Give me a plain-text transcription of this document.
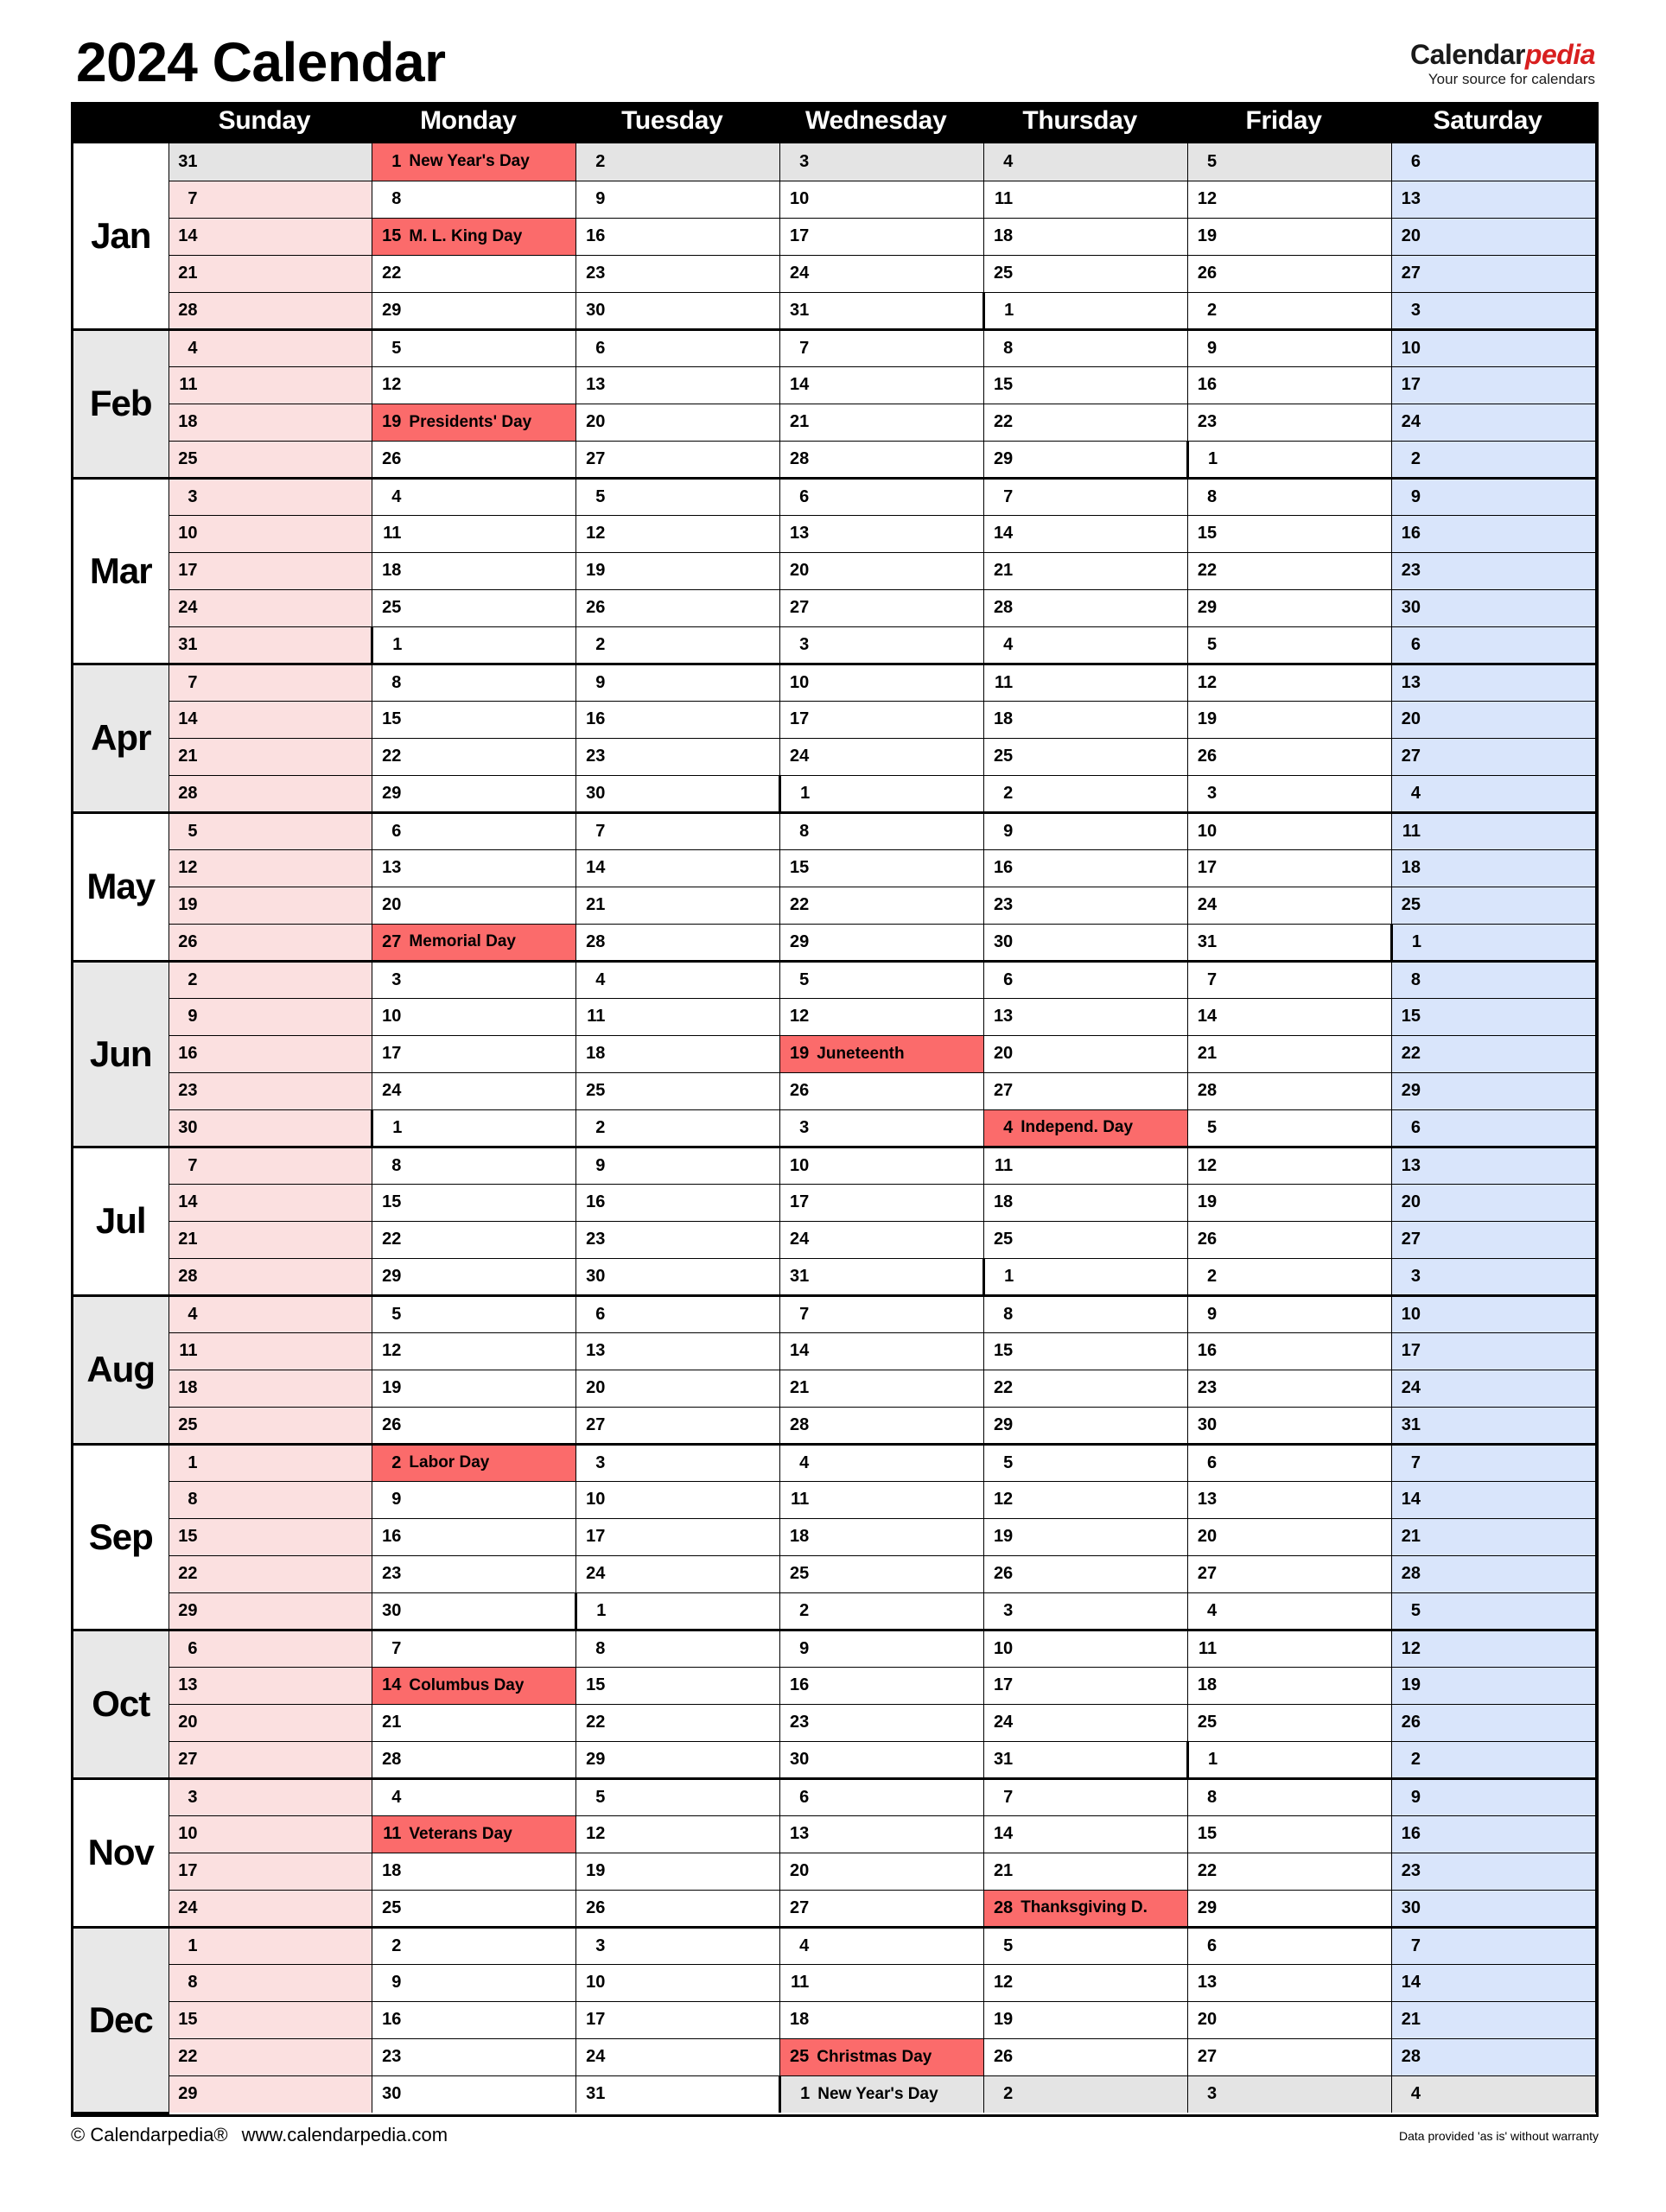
2024 Calendar	Calendarpedia
Your source for calendars
	Sunday	Monday	Tuesday	Wednesday	Thursday	Friday	Saturday
Jan	31	1 New Year's Day	2	3	4	5	6

	7	8	9	10	11	12	13

	14	15 M. L. King Day	16	17	18	19	20

	21	22	23	24	25	26	27

	28	29	30	31	1	2	3

Feb	4	5	6	7	8	9	10

	11	12	13	14	15	16	17

	18	19 Presidents' Day	20	21	22	23	24

	25	26	27	28	29	1	2

Mar	3	4	5	6	7	8	9

	10	11	12	13	14	15	16

	17	18	19	20	21	22	23

	24	25	26	27	28	29	30

	31	1	2	3	4	5	6

Apr	7	8	9	10	11	12	13

	14	15	16	17	18	19	20

	21	22	23	24	25	26	27

	28	29	30	1	2	3	4

May	5	6	7	8	9	10	11

	12	13	14	15	16	17	18

	19	20	21	22	23	24	25

	26	27 Memorial Day	28	29	30	31	1

Jun	2	3	4	5	6	7	8

	9	10	11	12	13	14	15

	16	17	18	19 Juneteenth	20	21	22

	23	24	25	26	27	28	29

	30	1	2	3	4 Independ. Day	5	6

Jul	7	8	9	10	11	12	13

	14	15	16	17	18	19	20

	21	22	23	24	25	26	27

	28	29	30	31	1	2	3

Aug	4	5	6	7	8	9	10

	11	12	13	14	15	16	17

	18	19	20	21	22	23	24

	25	26	27	28	29	30	31

Sep	1	2 Labor Day	3	4	5	6	7

	8	9	10	11	12	13	14

	15	16	17	18	19	20	21

	22	23	24	25	26	27	28

	29	30	1	2	3	4	5

Oct	6	7	8	9	10	11	12

	13	14 Columbus Day	15	16	17	18	19

	20	21	22	23	24	25	26

	27	28	29	30	31	1	2

Nov	3	4	5	6	7	8	9

	10	11 Veterans Day	12	13	14	15	16

	17	18	19	20	21	22	23

	24	25	26	27	28 Thanksgiving D.	29	30

Dec	1	2	3	4	5	6	7

	8	9	10	11	12	13	14

	15	16	17	18	19	20	21

	22	23	24	25 Christmas Day	26	27	28

	29	30	31	1 New Year's Day	2	3	4
© Calendarpedia® www.calendarpedia.com	Data provided 'as is' without warranty
